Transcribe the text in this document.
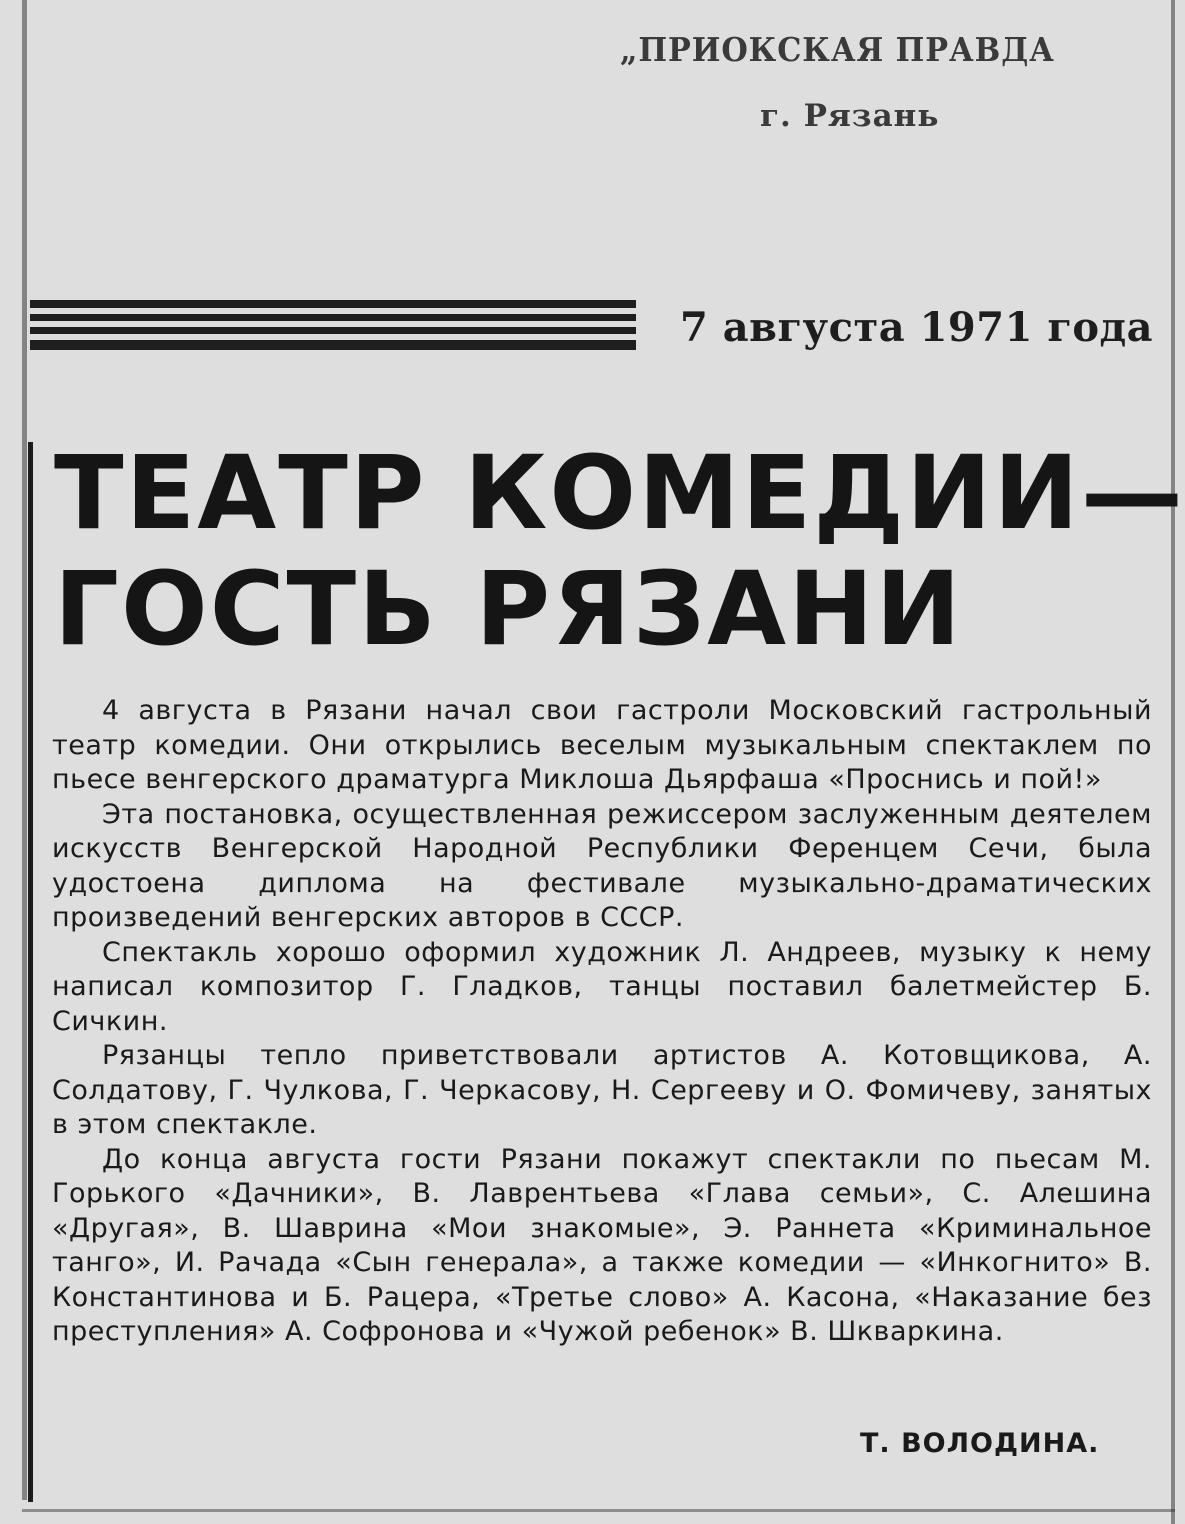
„ПРИОКСКАЯ ПРАВДА
г. Рязань
7 августа 1971 года
ТЕАТР КОМЕДИИ—
ГОСТЬ РЯЗАНИ

4 августа в Рязани начал свои гастроли Московский гастрольный театр комедии. Они открылись веселым музыкальным спектаклем по пьесе венгерского драматурга Миклоша Дьярфаша «Проснись и пой!»

Эта постановка, осуществленная режиссером заслуженным деятелем искусств Венгерской Народной Республики Ференцем Сечи, была удостоена диплома на фестивале музыкально-драматических произведений венгерских авторов в СССР.

Спектакль хорошо оформил художник Л. Андреев, музыку к нему написал композитор Г. Гладков, танцы поставил балетмейстер Б. Сичкин.

Рязанцы тепло приветствовали артистов А. Котовщикова, А. Солдатову, Г. Чулкова, Г. Черкасову, Н. Сергееву и О. Фомичеву, занятых в этом спектакле.

До конца августа гости Рязани покажут спектакли по пьесам М. Горького «Дачники», В. Лаврентьева «Глава семьи», С. Алешина «Другая», В. Шаврина «Мои знакомые», Э. Раннета «Криминальное танго», И. Рачада «Сын генерала», а также комедии — «Инкогнито» В. Константинова и Б. Рацера, «Третье слово» А. Касона, «Наказание без преступления» А. Софронова и «Чужой ребенок» В. Шкваркина.

Т. ВОЛОДИНА.
